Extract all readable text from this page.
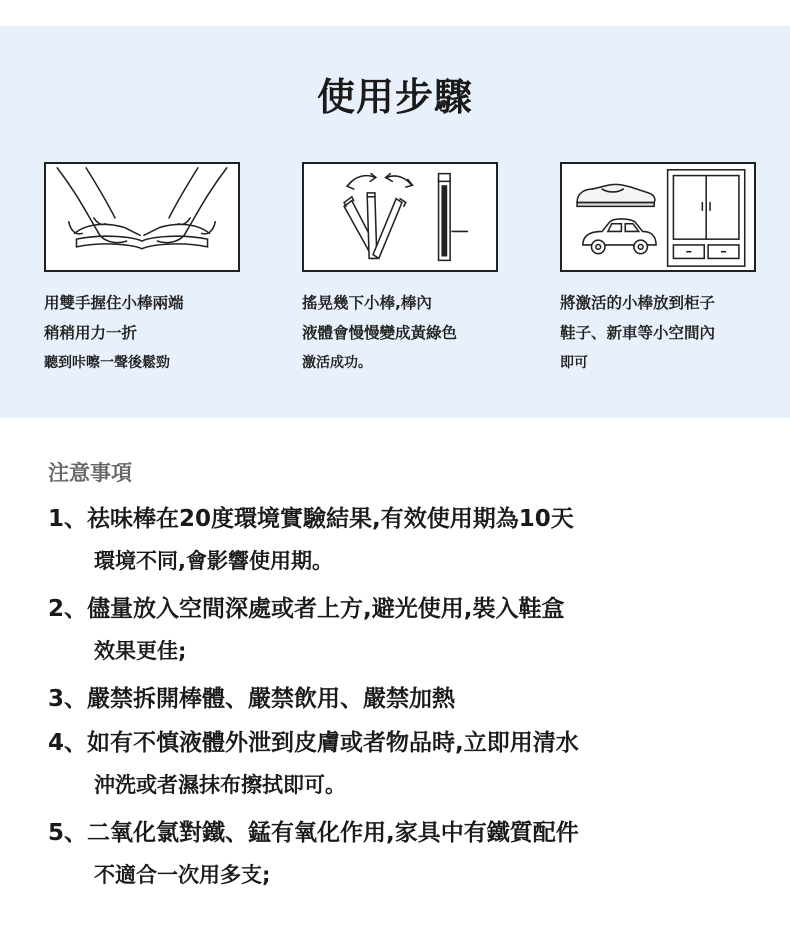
使用步驟
用雙手握住小棒兩端
稍稍用力一折
聽到咔嚓一聲後鬆勁
搖晃幾下小棒,棒內
液體會慢慢變成黃綠色
激活成功。
將激活的小棒放到柜子
鞋子、新車等小空間內
即可
注意事項
1、祛味棒在20度環境實驗結果,有效使用期為10天
環境不同,會影響使用期。
2、儘量放入空間深處或者上方,避光使用,裝入鞋盒
效果更佳;
3、嚴禁拆開棒體、嚴禁飲用、嚴禁加熱
4、如有不慎液體外泄到皮膚或者物品時,立即用清水
沖洗或者濕抹布擦拭即可。
5、二氧化氯對鐵、錳有氧化作用,家具中有鐵質配件
不適合一次用多支;
